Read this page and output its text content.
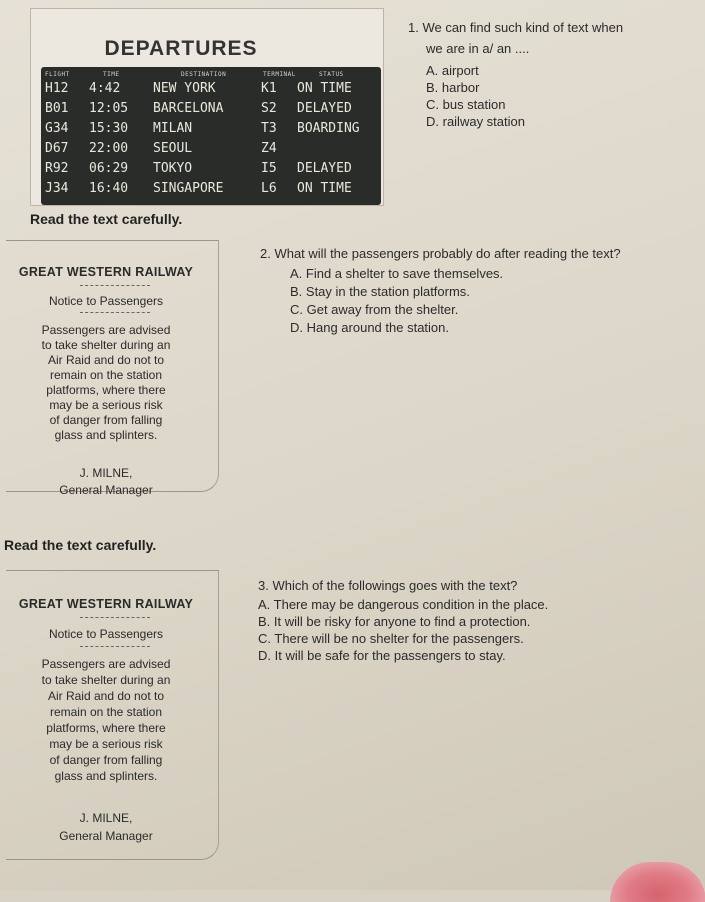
DEPARTURES
FLIGHT	TIME	DESTINATION	TERMINAL	STATUS
H12 4:42	NEW YORK	K1 ON TIME
B01 12:05 BARCELONA	S2 DELAYED
G34 15:30 MILAN	T3 BOARDING
D67 22:00 SEOUL	Z4
R92 06:29 TOKYO	I5 DELAYED
J34 16:40 SINGAPORE	L6 ON TIME
1. We can find such kind of text when
we are in a/ an ....
A. airport
B. harbor
C. bus station
D. railway station
Read the text carefully.
GREAT WESTERN RAILWAY
Notice to Passengers
Passengers are advised
to take shelter during an
Air Raid and do not to
remain on the station
platforms, where there
may be a serious risk
of danger from falling
glass and splinters.
J. MILNE,
General Manager
2. What will the passengers probably do after reading the text?
A. Find a shelter to save themselves.
B. Stay in the station platforms.
C. Get away from the shelter.
D. Hang around the station.
Read the text carefully.
GREAT WESTERN RAILWAY
Notice to Passengers
Passengers are advised
to take shelter during an
Air Raid and do not to
remain on the station
platforms, where there
may be a serious risk
of danger from falling
glass and splinters.
J. MILNE,
General Manager
3. Which of the followings goes with the text?
A. There may be dangerous condition in the place.
B. It will be risky for anyone to find a protection.
C. There will be no shelter for the passengers.
D. It will be safe for the passengers to stay.
